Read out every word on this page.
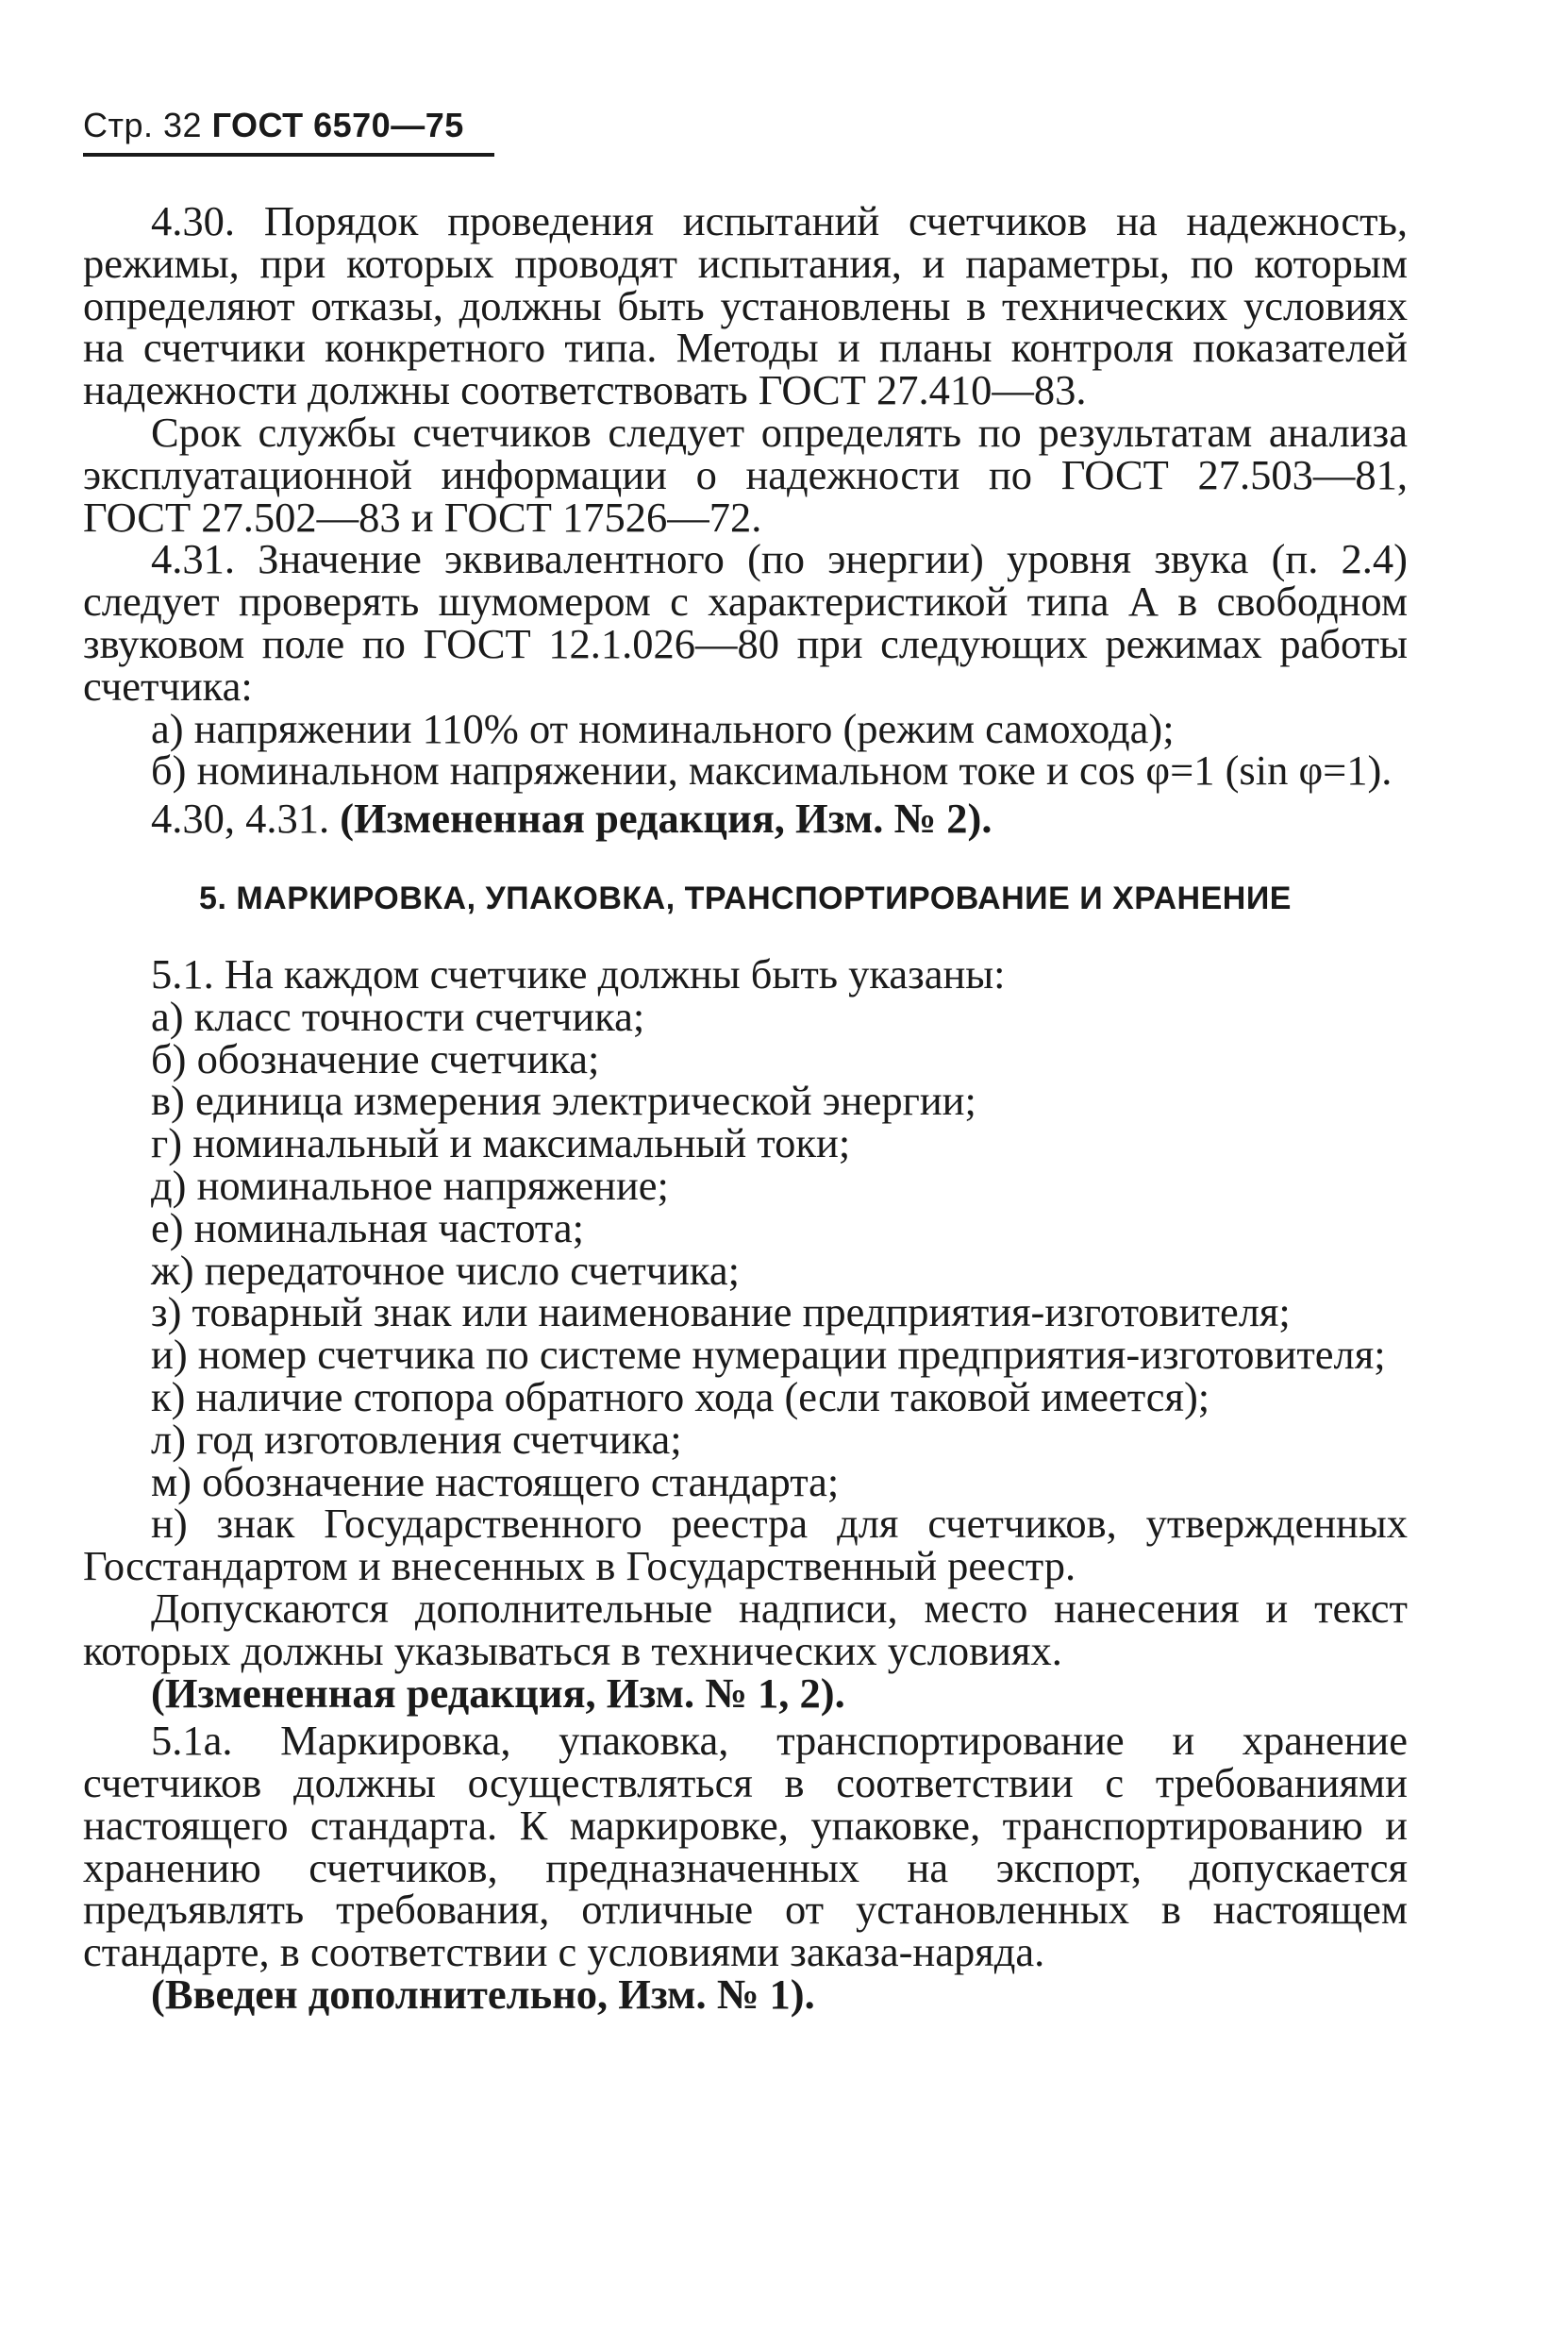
Стр. 32 ГОСТ 6570—75

4.30. Порядок проведения испытаний счетчиков на надежность, режимы, при которых проводят испытания, и параметры, по которым определяют отказы, должны быть установлены в технических условиях на счетчики конкретного типа. Методы и планы контроля показателей надежности должны соответствовать ГОСТ 27.410—83.

Срок службы счетчиков следует определять по результатам анализа эксплуатационной информации о надежности по ГОСТ 27.503—81, ГОСТ 27.502—83 и ГОСТ 17526—72.

4.31. Значение эквивалентного (по энергии) уровня звука (п. 2.4) следует проверять шумомером с характеристикой типа А в свободном звуковом поле по ГОСТ 12.1.026—80 при следующих режимах работы счетчика:

а) напряжении 110% от номинального (режим самохода);

б) номинальном напряжении, максимальном токе и cos φ=1 (sin φ=1).

4.30, 4.31. (Измененная редакция, Изм. № 2).

5. МАРКИРОВКА, УПАКОВКА, ТРАНСПОРТИРОВАНИЕ И ХРАНЕНИЕ

5.1. На каждом счетчике должны быть указаны:

а) класс точности счетчика;

б) обозначение счетчика;

в) единица измерения электрической энергии;

г) номинальный и максимальный токи;

д) номинальное напряжение;

е) номинальная частота;

ж) передаточное число счетчика;

з) товарный знак или наименование предприятия-изготовителя;

и) номер счетчика по системе нумерации предприятия-изготовителя;

к) наличие стопора обратного хода (если таковой имеется);

л) год изготовления счетчика;

м) обозначение настоящего стандарта;

н) знак Государственного реестра для счетчиков, утвержденных Госстандартом и внесенных в Государственный реестр.

Допускаются дополнительные надписи, место нанесения и текст которых должны указываться в технических условиях.

(Измененная редакция, Изм. № 1, 2).

5.1а. Маркировка, упаковка, транспортирование и хранение счетчиков должны осуществляться в соответствии с требованиями настоящего стандарта. К маркировке, упаковке, транспортированию и хранению счетчиков, предназначенных на экспорт, допускается предъявлять требования, отличные от установленных в настоящем стандарте, в соответствии с условиями заказа-наряда.

(Введен дополнительно, Изм. № 1).
